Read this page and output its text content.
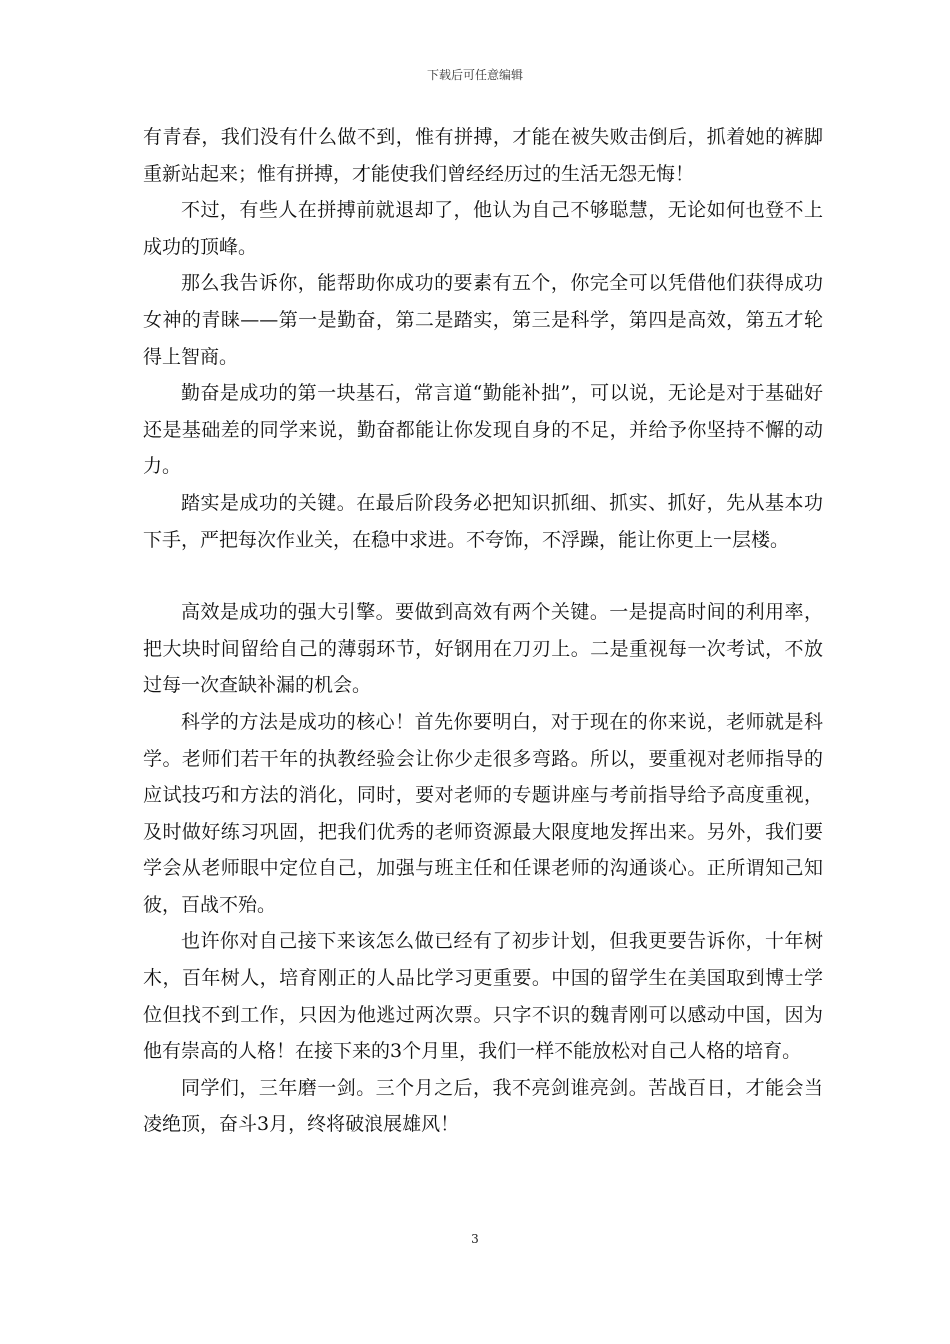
下载后可任意编辑

有青春，我们没有什么做不到，惟有拼搏，才能在被失败击倒后，抓着她的裤脚重新站起来；惟有拼搏，才能使我们曾经经历过的生活无怨无悔！

不过，有些人在拼搏前就退却了，他认为自己不够聪慧，无论如何也登不上成功的顶峰。

那么我告诉你，能帮助你成功的要素有五个，你完全可以凭借他们获得成功女神的青睐——第一是勤奋，第二是踏实，第三是科学，第四是高效，第五才轮得上智商。

勤奋是成功的第一块基石，常言道“勤能补拙”，可以说，无论是对于基础好还是基础差的同学来说，勤奋都能让你发现自身的不足，并给予你坚持不懈的动力。

踏实是成功的关键。在最后阶段务必把知识抓细、抓实、抓好，先从基本功下手，严把每次作业关，在稳中求进。不夸饰，不浮躁，能让你更上一层楼。

高效是成功的强大引擎。要做到高效有两个关键。一是提高时间的利用率，把大块时间留给自己的薄弱环节，好钢用在刀刃上。二是重视每一次考试，不放过每一次查缺补漏的机会。

科学的方法是成功的核心！首先你要明白，对于现在的你来说，老师就是科学。老师们若干年的执教经验会让你少走很多弯路。所以，要重视对老师指导的应试技巧和方法的消化，同时，要对老师的专题讲座与考前指导给予高度重视，及时做好练习巩固，把我们优秀的老师资源最大限度地发挥出来。另外，我们要学会从老师眼中定位自己，加强与班主任和任课老师的沟通谈心。正所谓知己知彼，百战不殆。

也许你对自己接下来该怎么做已经有了初步计划，但我更要告诉你，十年树木，百年树人，培育刚正的人品比学习更重要。中国的留学生在美国取到博士学位但找不到工作，只因为他逃过两次票。只字不识的魏青刚可以感动中国，因为他有崇高的人格！在接下来的3个月里，我们一样不能放松对自己人格的培育。

同学们，三年磨一剑。三个月之后，我不亮剑谁亮剑。苦战百日，才能会当凌绝顶，奋斗3月，终将破浪展雄风！

3
